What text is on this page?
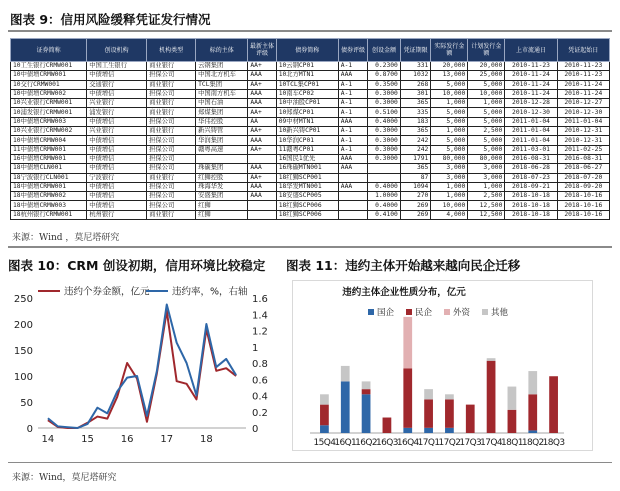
图表 9：信用风险缓释凭证发行情况
证券简称	创设机构	机构类型	标的主体	最新主体评级	债券简称	债券评级	创设金额	凭证期限	实际发行金额	计划发行金额	上市流通日	凭证起始日
10工生银行CRMW001	中国工生银行	商业银行	云钢集团	AA+	10云钢CP01	A-1	0.2300	331	20,000	20,000	2010-11-23	2010-11-23
10中债增CRMW001	中债增信	担保公司	中国北方机车	AAA	10北方MTN1	AAA	0.8700	1032	13,000	25,000	2010-11-24	2010-11-23
10交行CRMW001	交通银行	商业银行	TCL集团	AA+	10TCL集CP01	A-1	0.3500	268	5,000	5,000	2010-11-24	2010-11-24
10中债增CRMW002	中债增信	担保公司	中国南方机车	AAA	10南车CP02	A-1	0.3000	301	10,000	10,000	2010-11-24	2010-11-24
10兴业银行CRMW001	兴业银行	商业银行	中国石油	AAA	10中油股CP01	A-1	0.3000	365	1,000	1,000	2010-12-28	2010-12-27
10浦发银行CRMW001	浦发银行	商业银行	郑煤集团	AA+	10郑煤CP01	A-1	0.5100	335	5,000	5,000	2010-12-30	2010-12-30
10中债增CRMW003	中债增信	担保公司	华伟控股	AA	09中材MTN1	AAA	0.4000	183	5,000	5,000	2011-01-04	2011-01-04
10兴业银行CRMW002	兴业银行	商业银行	新兴铸管	AA+	10新兴铸CP01	A-1	0.3000	365	1,000	2,500	2011-01-04	2010-12-31
10中债增CRMW004	中债增信	担保公司	华润集团	AAA	10华润CP01	A-1	0.3000	242	5,000	5,000	2011-01-04	2010-12-31
11中债增CRMW001	中债增信	担保公司	赣粤高速	AA+	11赣粤CP01	A-1	0.3000	242	5,000	5,000	2011-03-01	2011-02-25
16中债增CRMW001	中债增信	担保公司			16国民1优先	AAA	0.3000	1791	80,000	80,000	2016-08-31	2016-08-31
18中债增CLN001	中债增信	担保公司	珠碳集团	AAA	16珠碳MTN001	AAA		365	3,000	3,000	2018-06-28	2018-06-27
18宁波银行CLN001	宁波银行	商业银行	红狮控股	AA+	18红狮SCP001			87	3,000	3,000	2018-07-23	2018-07-20
18中债增CRMW001	中债增信	担保公司	珠海华发	AAA	18华发MTN001	AAA	0.4000	1094	1,000	1,000	2018-09-21	2018-09-20
18中债增CRMW002	中债增信	担保公司	安盛集团	AAA	18安盛SCP005		1.0000	270	1,000	2,500	2018-10-18	2018-10-16
18中债增CRMW003	中债增信	担保公司	红狮		18红狮SCP006		0.4000	269	10,000	12,500	2018-10-18	2018-10-16
18杭州银行CRMW001	杭州银行	商业银行	红狮		18红狮SCP006		0.4100	269	4,000	12,500	2018-10-18	2018-10-16
来源：Wind ，莫尼塔研究
图表 10：CRM 创设初期，信用环境比较稳定
0
50
100
150
200
250
0
0.2
0.4
0.6
0.8
1
1.2
1.4
1.6
14	15	16	17	18
违约个券金额，亿元 违约率，%，右轴
图表 11：违约主体开始越来越向民企迁移
违约主体企业性质分布，亿元
国企 民企 外资 其他
15Q4
16Q1
16Q2
16Q3
16Q4
17Q1
17Q2
17Q3
17Q4
18Q1
18Q2
18Q3
来源：Wind，莫尼塔研究
